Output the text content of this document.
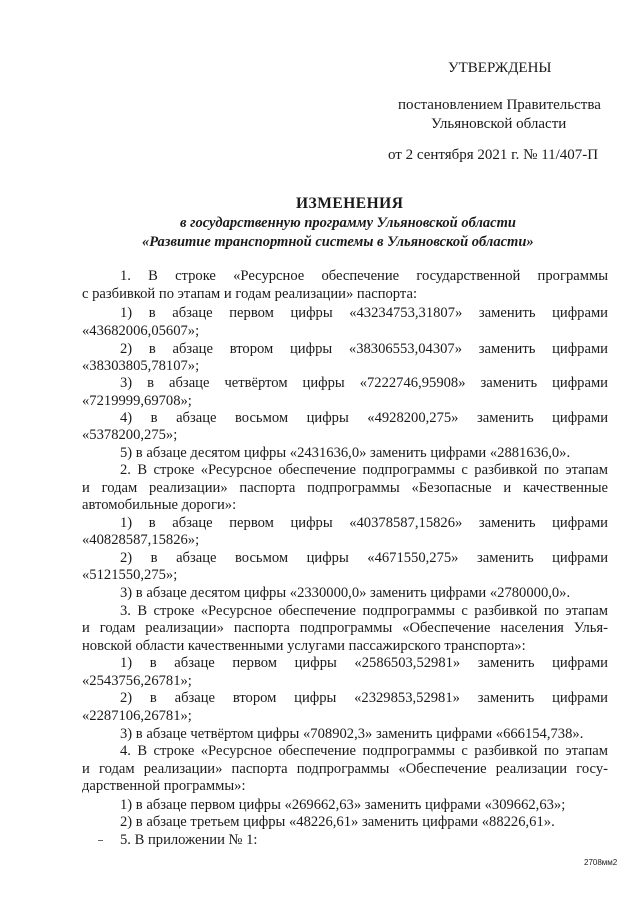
УТВЕРЖДЕНЫ
постановлением Правительства
Ульяновской области
от 2 сентября 2021 г. № 11/407-П
ИЗМЕНЕНИЯ
в государственную программу Ульяновской области
«Развитие транспортной системы в Ульяновской области»
1. В строке «Ресурсное обеспечение государственной программы
с разбивкой по этапам и годам реализации» паспорта:
1) в абзаце первом цифры «43234753,31807» заменить цифрами
«43682006,05607»;
2) в абзаце втором цифры «38306553,04307» заменить цифрами
«38303805,78107»;
3) в абзаце четвёртом цифры «7222746,95908» заменить цифрами
«7219999,69708»;
4) в абзаце восьмом цифры «4928200,275» заменить цифрами
«5378200,275»;
5) в абзаце десятом цифры «2431636,0» заменить цифрами «2881636,0».
2. В строке «Ресурсное обеспечение подпрограммы с разбивкой по этапам
и годам реализации» паспорта подпрограммы «Безопасные и качественные
автомобильные дороги»:
1) в абзаце первом цифры «40378587,15826» заменить цифрами
«40828587,15826»;
2) в абзаце восьмом цифры «4671550,275» заменить цифрами
«5121550,275»;
3) в абзаце десятом цифры «2330000,0» заменить цифрами «2780000,0».
3. В строке «Ресурсное обеспечение подпрограммы с разбивкой по этапам
и годам реализации» паспорта подпрограммы «Обеспечение населения Улья-
новской области качественными услугами пассажирского транспорта»:
1) в абзаце первом цифры «2586503,52981» заменить цифрами
«2543756,26781»;
2) в абзаце втором цифры «2329853,52981» заменить цифрами
«2287106,26781»;
3) в абзаце четвёртом цифры «708902,3» заменить цифрами «666154,738».
4. В строке «Ресурсное обеспечение подпрограммы с разбивкой по этапам
и годам реализации» паспорта подпрограммы «Обеспечение реализации госу-
дарственной программы»:
1) в абзаце первом цифры «269662,63» заменить цифрами «309662,63»;
2) в абзаце третьем цифры «48226,61» заменить цифрами «88226,61».
5. В приложении № 1:
2708мм2
